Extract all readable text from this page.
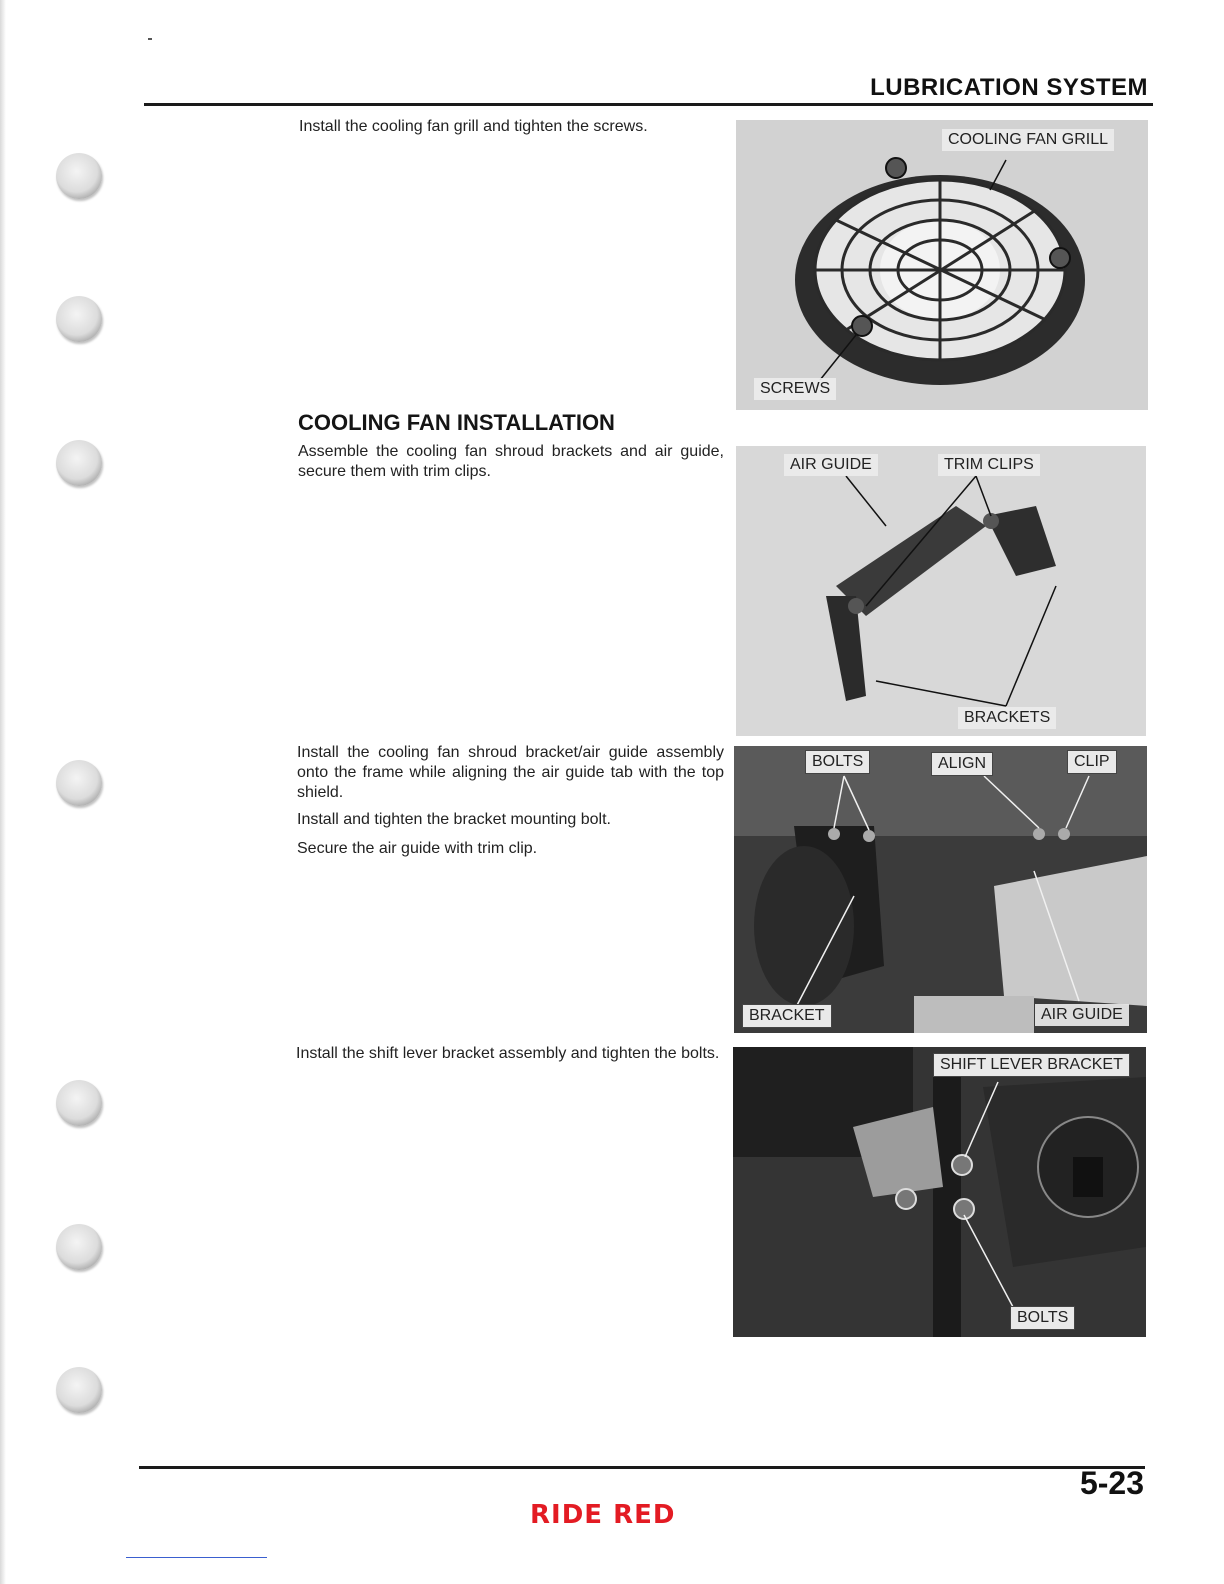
LUBRICATION SYSTEM
Install the cooling fan grill and tighten the screws.
COOLING FAN INSTALLATION
Assemble the cooling fan shroud brackets and air guide, secure them with trim clips.
Install the cooling fan shroud bracket/air guide assembly onto the frame while aligning the air guide tab with the top shield.
Install and tighten the bracket mounting bolt.
Secure the air guide with trim clip.
Install the shift lever bracket assembly and tighten the bolts.
COOLING FAN GRILL
SCREWS
AIR GUIDE	TRIM CLIPS
BRACKETS
BOLTS	ALIGN	CLIP
BRACKET	AIR GUIDE
SHIFT LEVER BRACKET
BOLTS
5-23
RIDE RED
